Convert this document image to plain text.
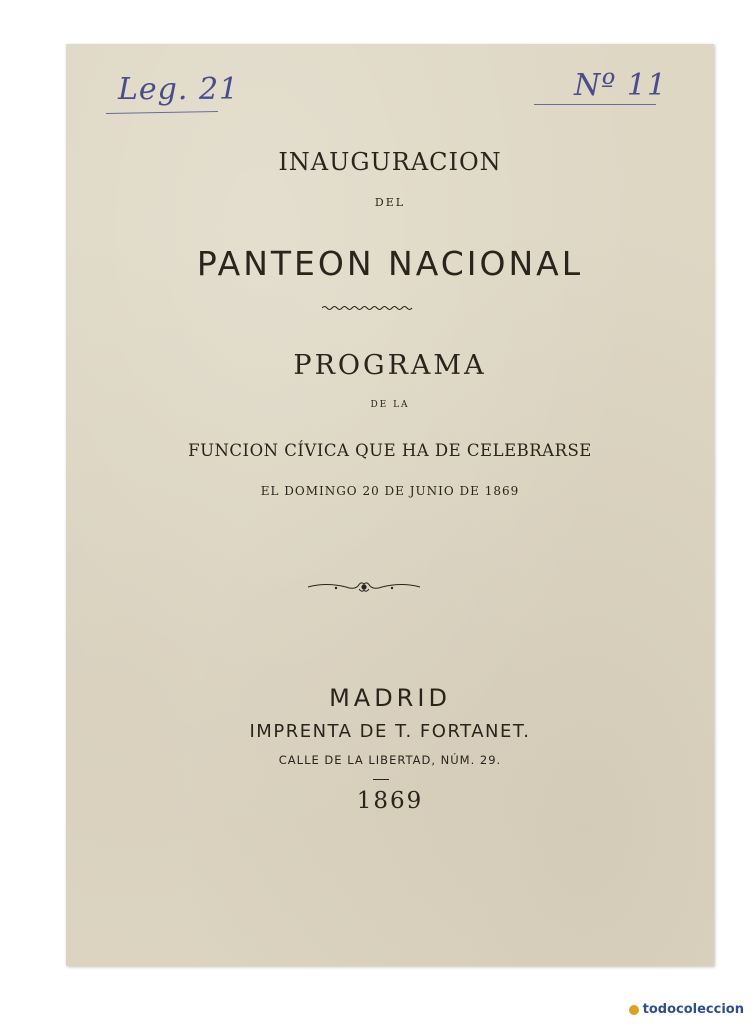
Leg. 21	Nº 11
INAUGURACION
DEL
PANTEON NACIONAL
PROGRAMA
DE LA
FUNCION CÍVICA QUE HA DE CELEBRARSE
EL DOMINGO 20 DE JUNIO DE 1869
MADRID
IMPRENTA DE T. FORTANET.
CALLE DE LA LIBERTAD, NÚM. 29.
1869
todocoleccion
